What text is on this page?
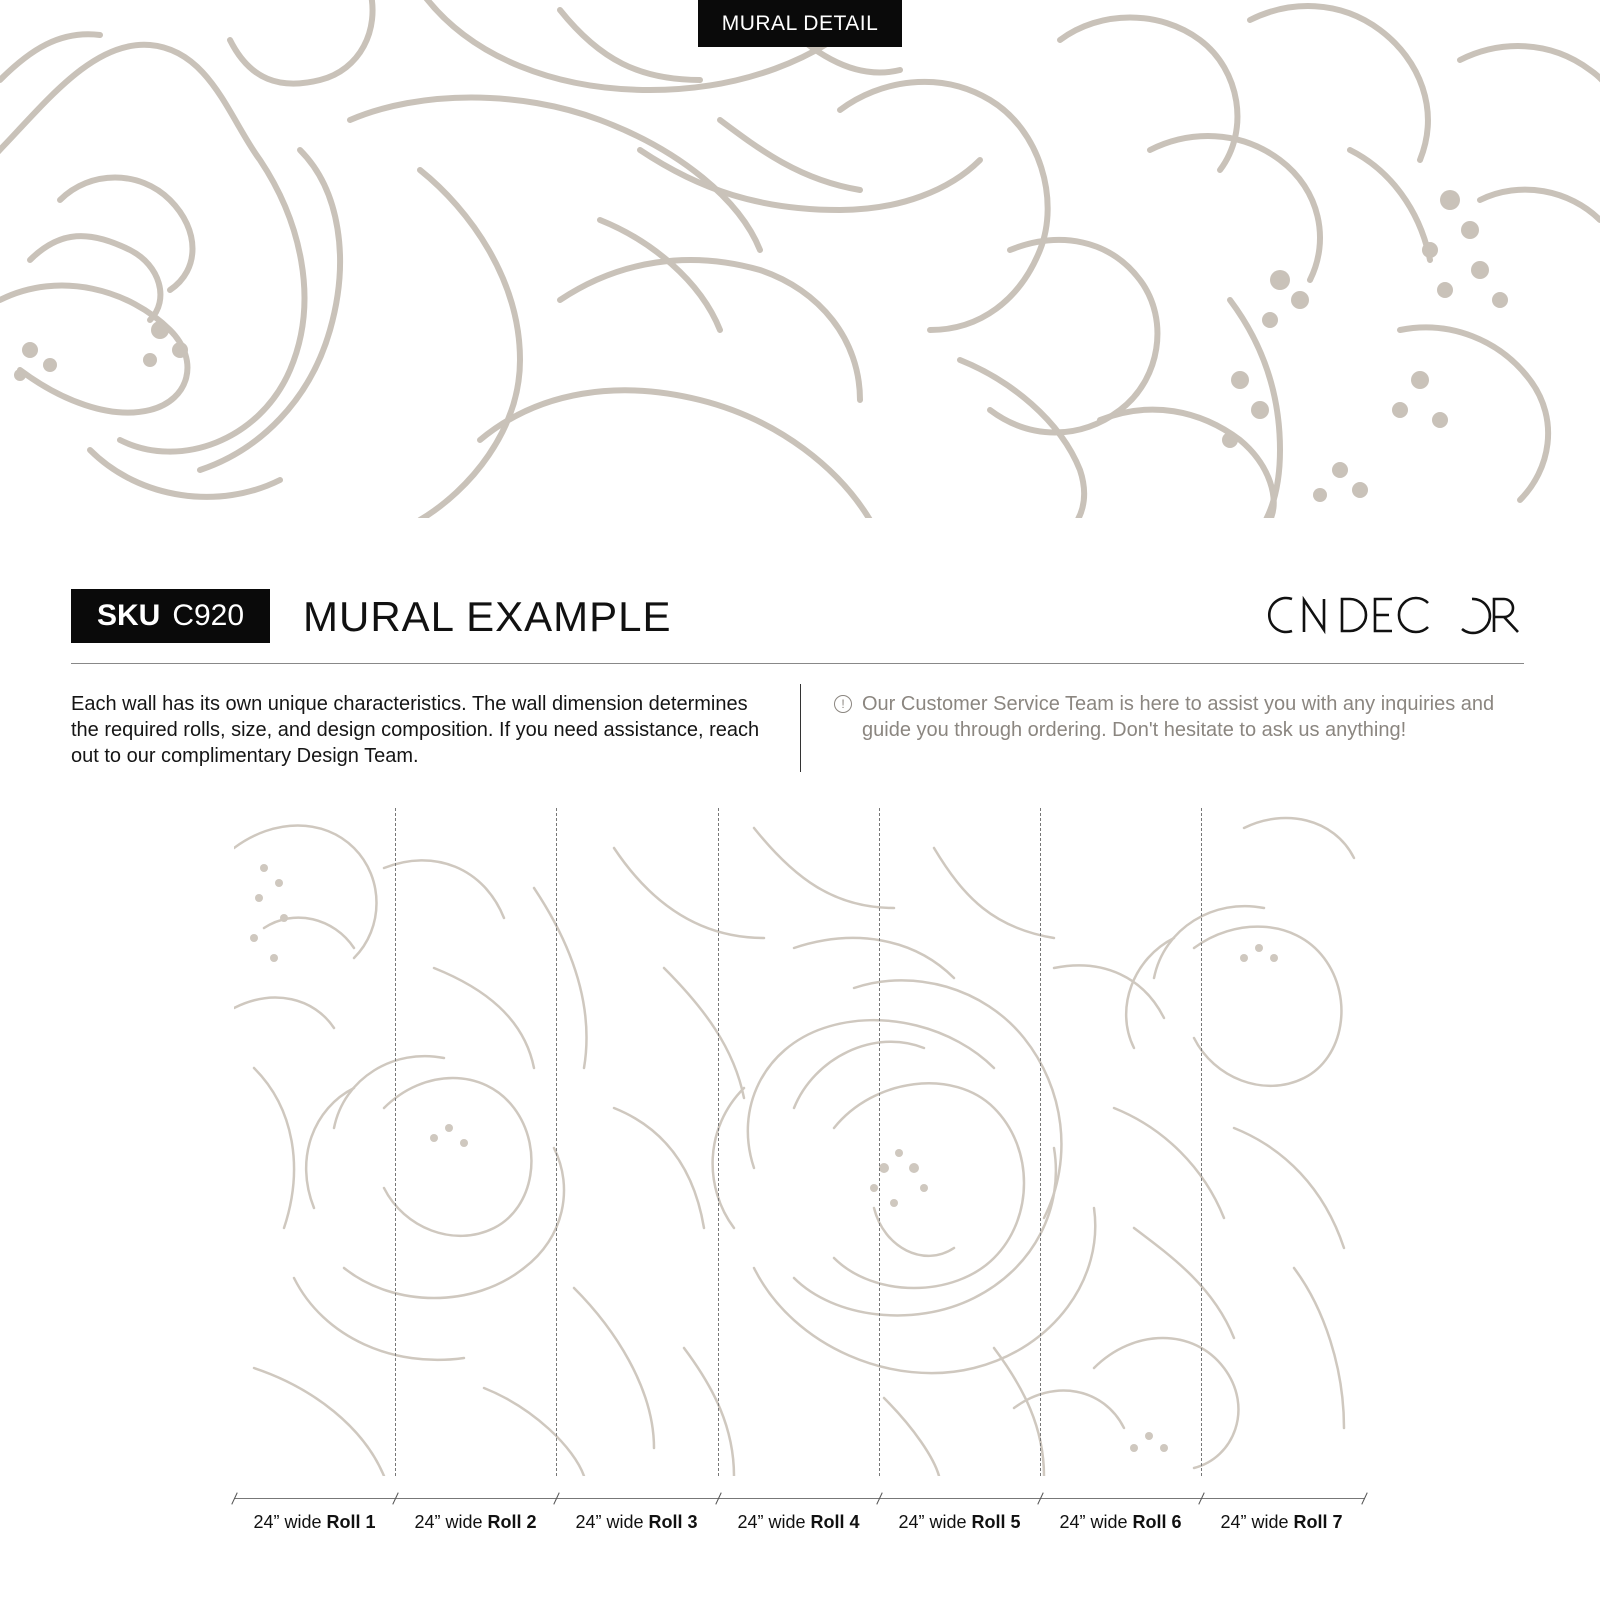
MURAL DETAIL
SKU C920 MURAL EXAMPLE
Each wall has its own unique characteristics. The wall dimension determines the required rolls, size, and design composition. If you need assistance, reach out to our complimentary Design Team.
! Our Customer Service Team is here to assist you with any inquiries and guide you through ordering. Don't hesitate to ask us anything!
24” wide Roll 1	24” wide Roll 2	24” wide Roll 3	24” wide Roll 4	24” wide Roll 5	24” wide Roll 6	24” wide Roll 7
